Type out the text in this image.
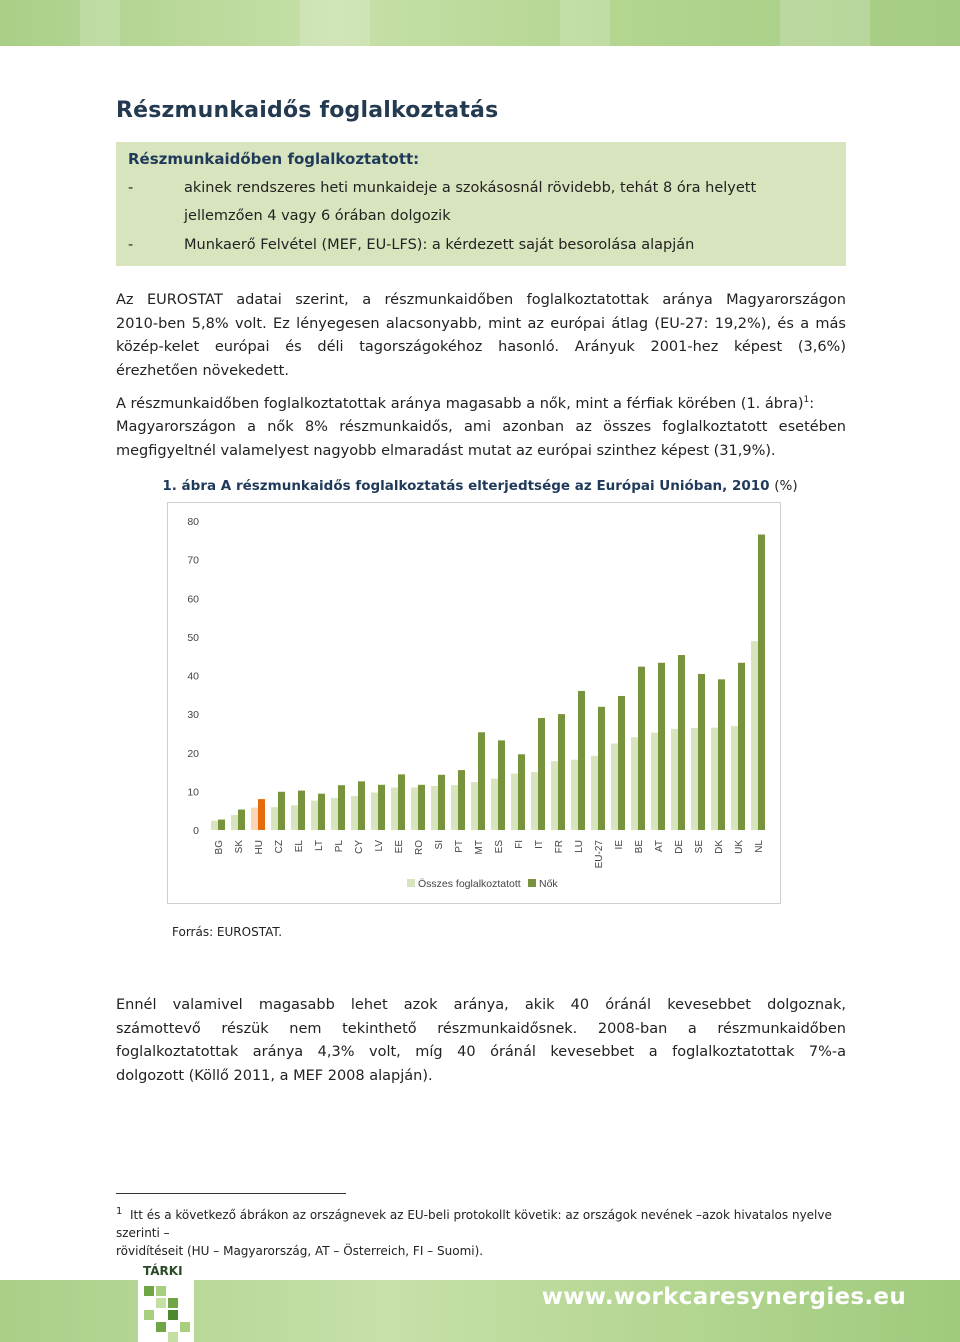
Részmunkaidős foglalkoztatás
Részmunkaidőben foglalkoztatott:
-	akinek rendszeres heti munkaideje a szokásosnál rövidebb, tehát 8 óra helyett
jellemzően 4 vagy 6 órában dolgozik
-	Munkaerő Felvétel (MEF, EU-LFS): a kérdezett saját besorolása alapján
Az EUROSTAT adatai szerint, a részmunkaidőben foglalkoztatottak aránya Magyarországon
2010-ben 5,8% volt. Ez lényegesen alacsonyabb, mint az európai átlag (EU-27: 19,2%), és a más
közép-kelet európai és déli tagországokéhoz hasonló. Arányuk 2001-hez képest (3,6%)
érezhetően növekedett.
A részmunkaidőben foglalkoztatottak aránya magasabb a nők, mint a férfiak körében (1. ábra)$^1$:
Magyarországon a nők 8% részmunkaidős, ami azonban az összes foglalkoztatott esetében
megfigyeltnél valamelyest nagyobb elmaradást mutat az európai szinthez képest (31,9%).
1. ábra A részmunkaidős foglalkoztatás elterjedtsége az Európai Unióban, 2010 (%)
0
10
20
30
40
50
60
70
80
BG SK HU CZ EL LT PL CY LV EE RO SI PT MT ES FI IT FR LU EU-27 IE BE AT DE SE DK UK NL
Összes foglalkoztatott Nők
Forrás: EUROSTAT.
Ennél valamivel magasabb lehet azok aránya, akik 40 óránál kevesebbet dolgoznak,
számottevő részük nem tekinthető részmunkaidősnek. 2008-ban a részmunkaidőben
foglalkoztatottak aránya 4,3% volt, míg 40 óránál kevesebbet a foglalkoztatottak 7%-a
dolgozott (Köllő 2011, a MEF 2008 alapján).
$^1$ Itt és a következő ábrákon az országnevek az EU-beli protokollt követik: az országok nevének –azok hivatalos nyelve szerinti –
rövidítéseit (HU – Magyarország, AT – Österreich, FI – Suomi).
TÁRKI
www.workcaresynergies.eu
